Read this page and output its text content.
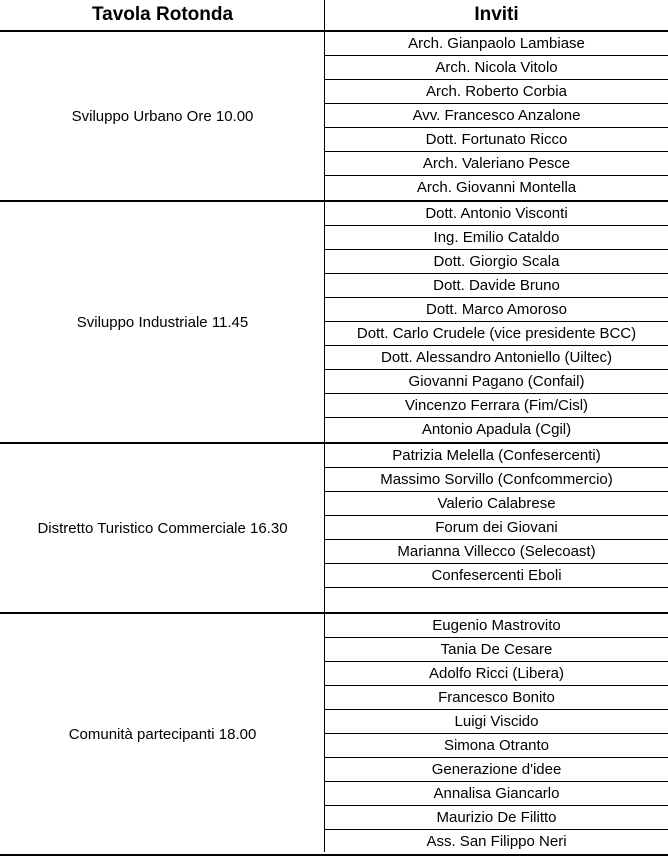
Tavola Rotonda	Inviti
Sviluppo Urbano Ore 10.00
Arch. Gianpaolo Lambiase
Arch. Nicola Vitolo
Arch. Roberto Corbia
Avv. Francesco Anzalone
Dott. Fortunato Ricco
Arch. Valeriano Pesce
Arch. Giovanni Montella
Sviluppo Industriale 11.45
Dott. Antonio Visconti
Ing. Emilio Cataldo
Dott. Giorgio Scala
Dott. Davide Bruno
Dott. Marco Amoroso
Dott. Carlo Crudele (vice presidente BCC)
Dott. Alessandro Antoniello (Uiltec)
Giovanni Pagano (Confail)
Vincenzo Ferrara (Fim/Cisl)
Antonio Apadula (Cgil)
Distretto Turistico Commerciale 16.30
Patrizia Melella (Confesercenti)
Massimo Sorvillo (Confcommercio)
Valerio Calabrese
Forum dei Giovani
Marianna Villecco (Selecoast)
Confesercenti Eboli
Comunità partecipanti 18.00
Eugenio Mastrovito
Tania De Cesare
Adolfo Ricci (Libera)
Francesco Bonito
Luigi Viscido
Simona Otranto
Generazione d'idee
Annalisa Giancarlo
Maurizio De Filitto
Ass. San Filippo Neri
